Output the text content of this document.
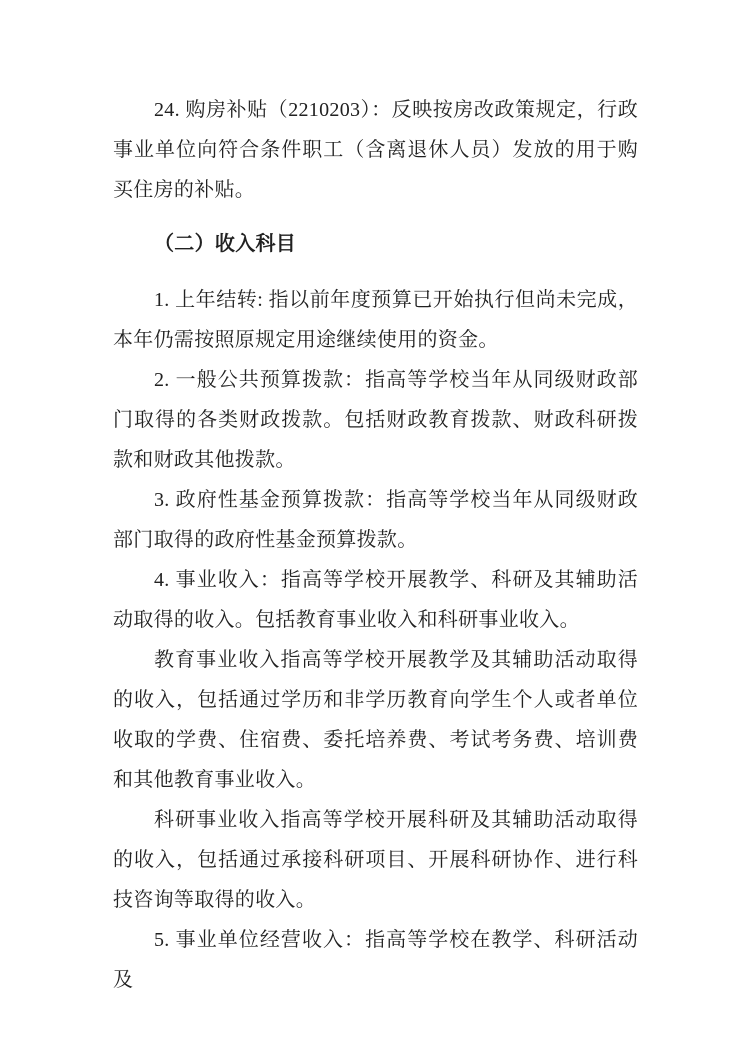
24. 购房补贴（2210203）：反映按房改政策规定，行政事业单位向符合条件职工（含离退休人员）发放的用于购买住房的补贴。

（二）收入科目

1. 上年结转: 指以前年度预算已开始执行但尚未完成，本年仍需按照原规定用途继续使用的资金。

2. 一般公共预算拨款：指高等学校当年从同级财政部门取得的各类财政拨款。包括财政教育拨款、财政科研拨款和财政其他拨款。

3. 政府性基金预算拨款：指高等学校当年从同级财政部门取得的政府性基金预算拨款。

4. 事业收入：指高等学校开展教学、科研及其辅助活动取得的收入。包括教育事业收入和科研事业收入。

教育事业收入指高等学校开展教学及其辅助活动取得的收入，包括通过学历和非学历教育向学生个人或者单位收取的学费、住宿费、委托培养费、考试考务费、培训费和其他教育事业收入。

科研事业收入指高等学校开展科研及其辅助活动取得的收入，包括通过承接科研项目、开展科研协作、进行科技咨询等取得的收入。

5. 事业单位经营收入：指高等学校在教学、科研活动及
